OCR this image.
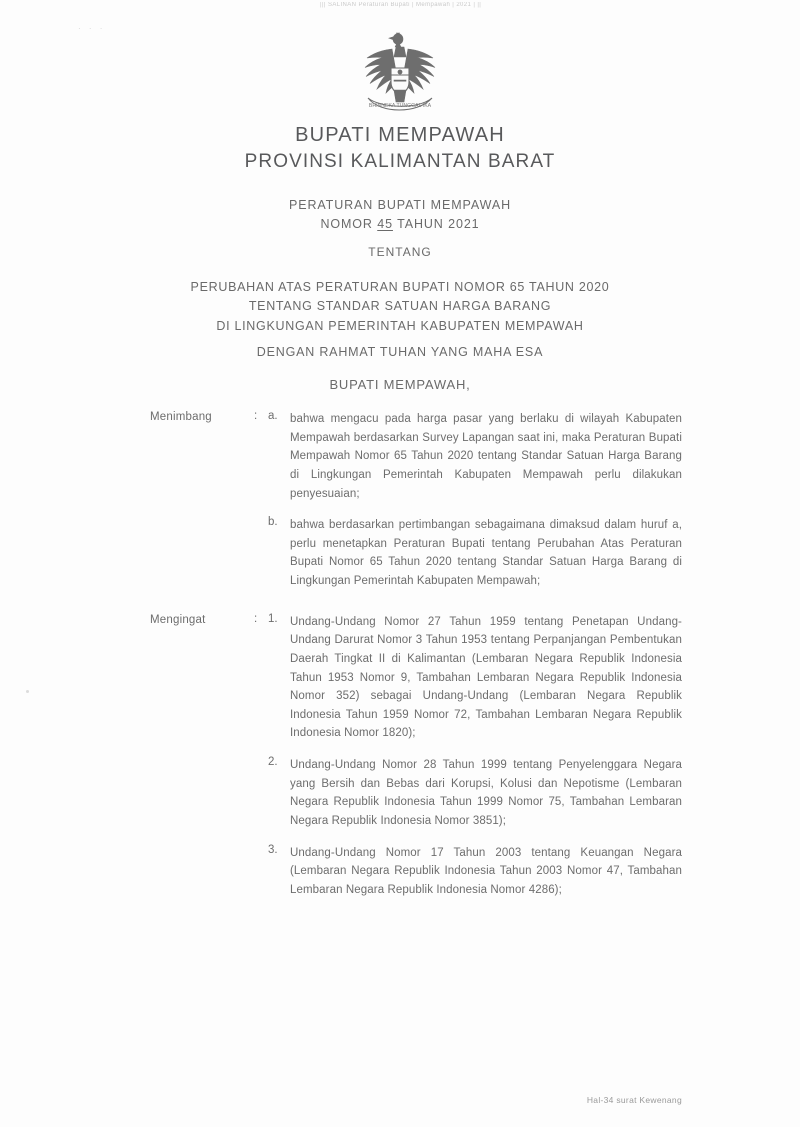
||| SALINAN Peraturan Bupati | Mempawah | 2021 | ||
· · ·
BHINNEKA TUNGGAL IKA
BUPATI MEMPAWAH
PROVINSI KALIMANTAN BARAT
PERATURAN BUPATI MEMPAWAH
NOMOR 45 TAHUN 2021
TENTANG
PERUBAHAN ATAS PERATURAN BUPATI NOMOR 65 TAHUN 2020
TENTANG STANDAR SATUAN HARGA BARANG
DI LINGKUNGAN PEMERINTAH KABUPATEN MEMPAWAH
DENGAN RAHMAT TUHAN YANG MAHA ESA
BUPATI MEMPAWAH,
Menimbang	: a.	bahwa mengacu pada harga pasar yang berlaku di wilayah Kabupaten Mempawah berdasarkan Survey Lapangan saat ini, maka Peraturan Bupati Mempawah Nomor 65 Tahun 2020 tentang Standar Satuan Harga Barang di Lingkungan Pemerintah Kabupaten Mempawah perlu dilakukan penyesuaian;
b.	bahwa berdasarkan pertimbangan sebagaimana dimaksud dalam huruf a, perlu menetapkan Peraturan Bupati tentang Perubahan Atas Peraturan Bupati Nomor 65 Tahun 2020 tentang Standar Satuan Harga Barang di Lingkungan Pemerintah Kabupaten Mempawah;
Mengingat	: 1.	Undang-Undang Nomor 27 Tahun 1959 tentang Penetapan Undang-Undang Darurat Nomor 3 Tahun 1953 tentang Perpanjangan Pembentukan Daerah Tingkat II di Kalimantan (Lembaran Negara Republik Indonesia Tahun 1953 Nomor 9, Tambahan Lembaran Negara Republik Indonesia Nomor 352) sebagai Undang-Undang (Lembaran Negara Republik Indonesia Tahun 1959 Nomor 72, Tambahan Lembaran Negara Republik Indonesia Nomor 1820);
2.	Undang-Undang Nomor 28 Tahun 1999 tentang Penyelenggara Negara yang Bersih dan Bebas dari Korupsi, Kolusi dan Nepotisme (Lembaran Negara Republik Indonesia Tahun 1999 Nomor 75, Tambahan Lembaran Negara Republik Indonesia Nomor 3851);
3.	Undang-Undang Nomor 17 Tahun 2003 tentang Keuangan Negara (Lembaran Negara Republik Indonesia Tahun 2003 Nomor 47, Tambahan Lembaran Negara Republik Indonesia Nomor 4286);
Hal-34 surat Kewenang
